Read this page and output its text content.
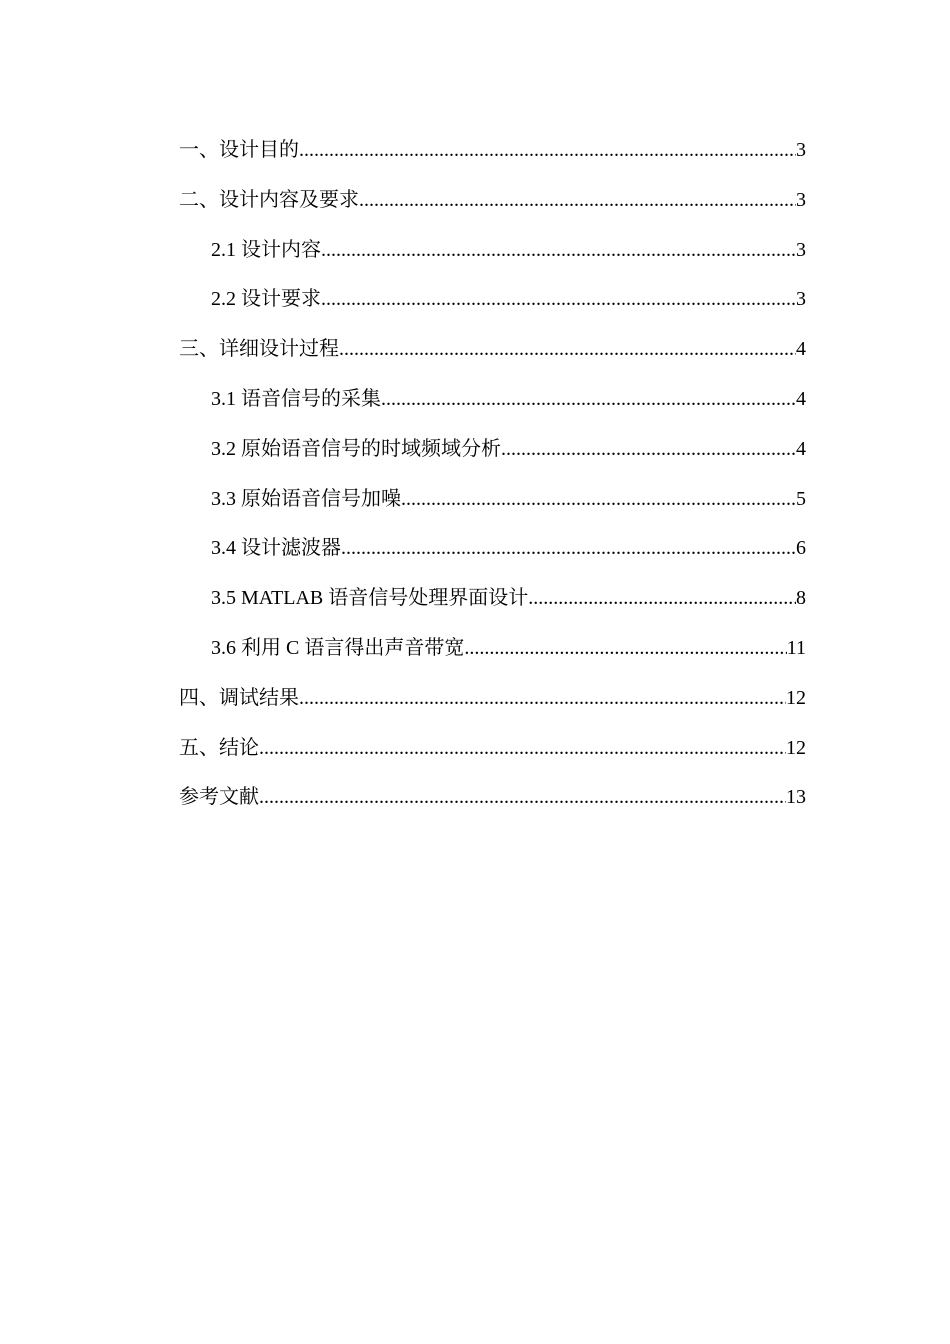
一、设计目的 .....	3
二、设计内容及要求 .....	3
2.1 设计内容 .....	3
2.2 设计要求 .....	3
三、详细设计过程 .....	4
3.1 语音信号的采集 .....	4
3.2 原始语音信号的时域频域分析 .....	4
3.3 原始语音信号加噪 .....	5
3.4 设计滤波器 .....	6
3.5 MATLAB 语音信号处理界面设计 .....	8
3.6 利用 C 语言得出声音带宽 .....	11
四、调试结果 .....	12
五、结论 .....	12
参考文献 .....	13
